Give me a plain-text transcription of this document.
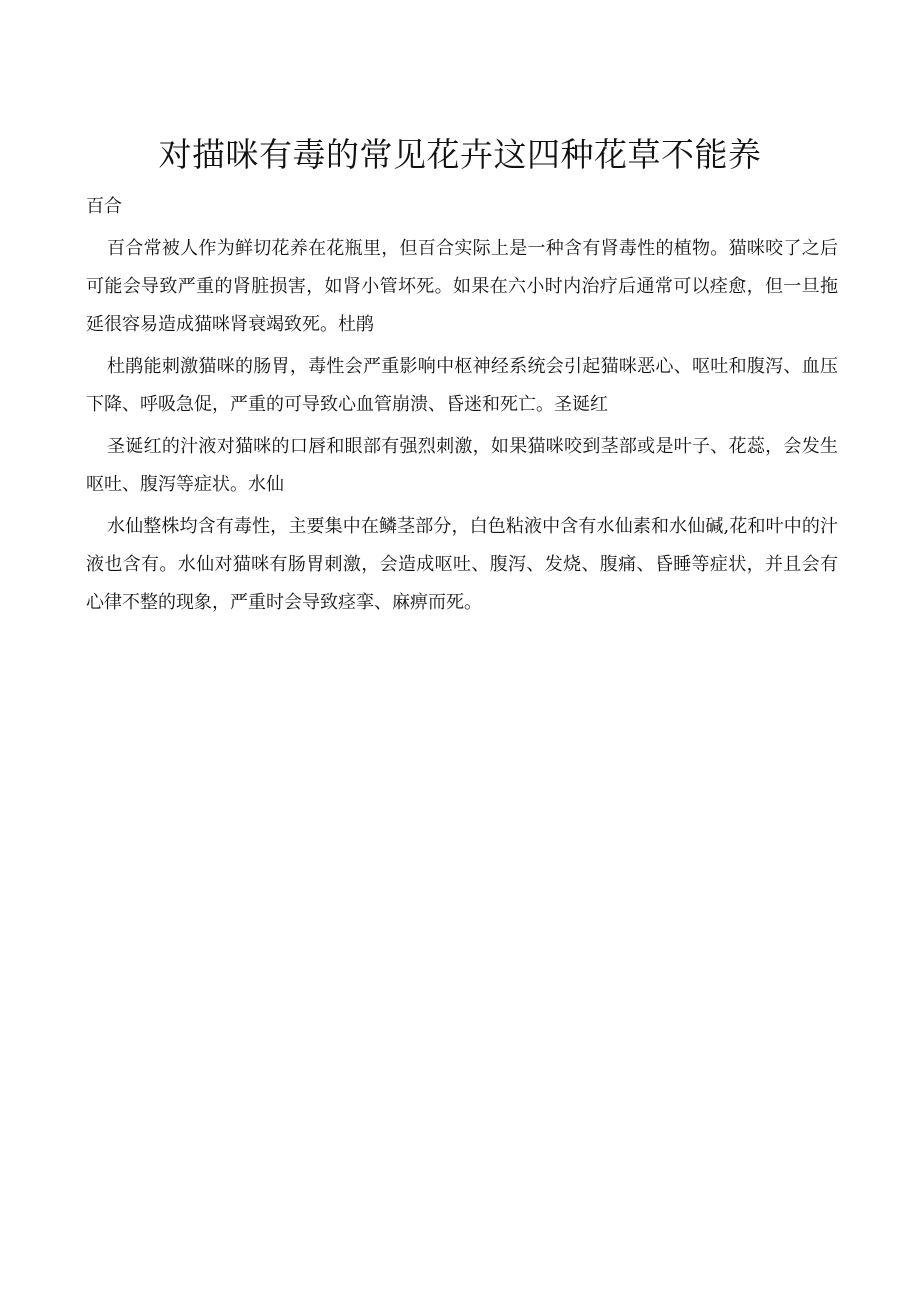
对描咪有毒的常见花卉这四种花草不能养

百合

百合常被人作为鲜切花养在花瓶里，但百合实际上是一种含有肾毒性的植物。猫咪咬了之后可能会导致严重的肾脏损害，如肾小管坏死。如果在六小时内治疗后通常可以痊愈，但一旦拖延很容易造成猫咪肾衰竭致死。杜鹃

杜鹃能刺激猫咪的肠胃，毒性会严重影响中枢神经系统会引起猫咪恶心、呕吐和腹泻、血压下降、呼吸急促，严重的可导致心血管崩溃、昏迷和死亡。圣诞红

圣诞红的汁液对猫咪的口唇和眼部有强烈刺激，如果猫咪咬到茎部或是叶子、花蕊，会发生呕吐、腹泻等症状。水仙

水仙整株均含有毒性，主要集中在鳞茎部分，白色粘液中含有水仙素和水仙碱,花和叶中的汁液也含有。水仙对猫咪有肠胃刺激，会造成呕吐、腹泻、发烧、腹痛、昏睡等症状，并且会有心律不整的现象，严重时会导致痉挛、麻痹而死。
